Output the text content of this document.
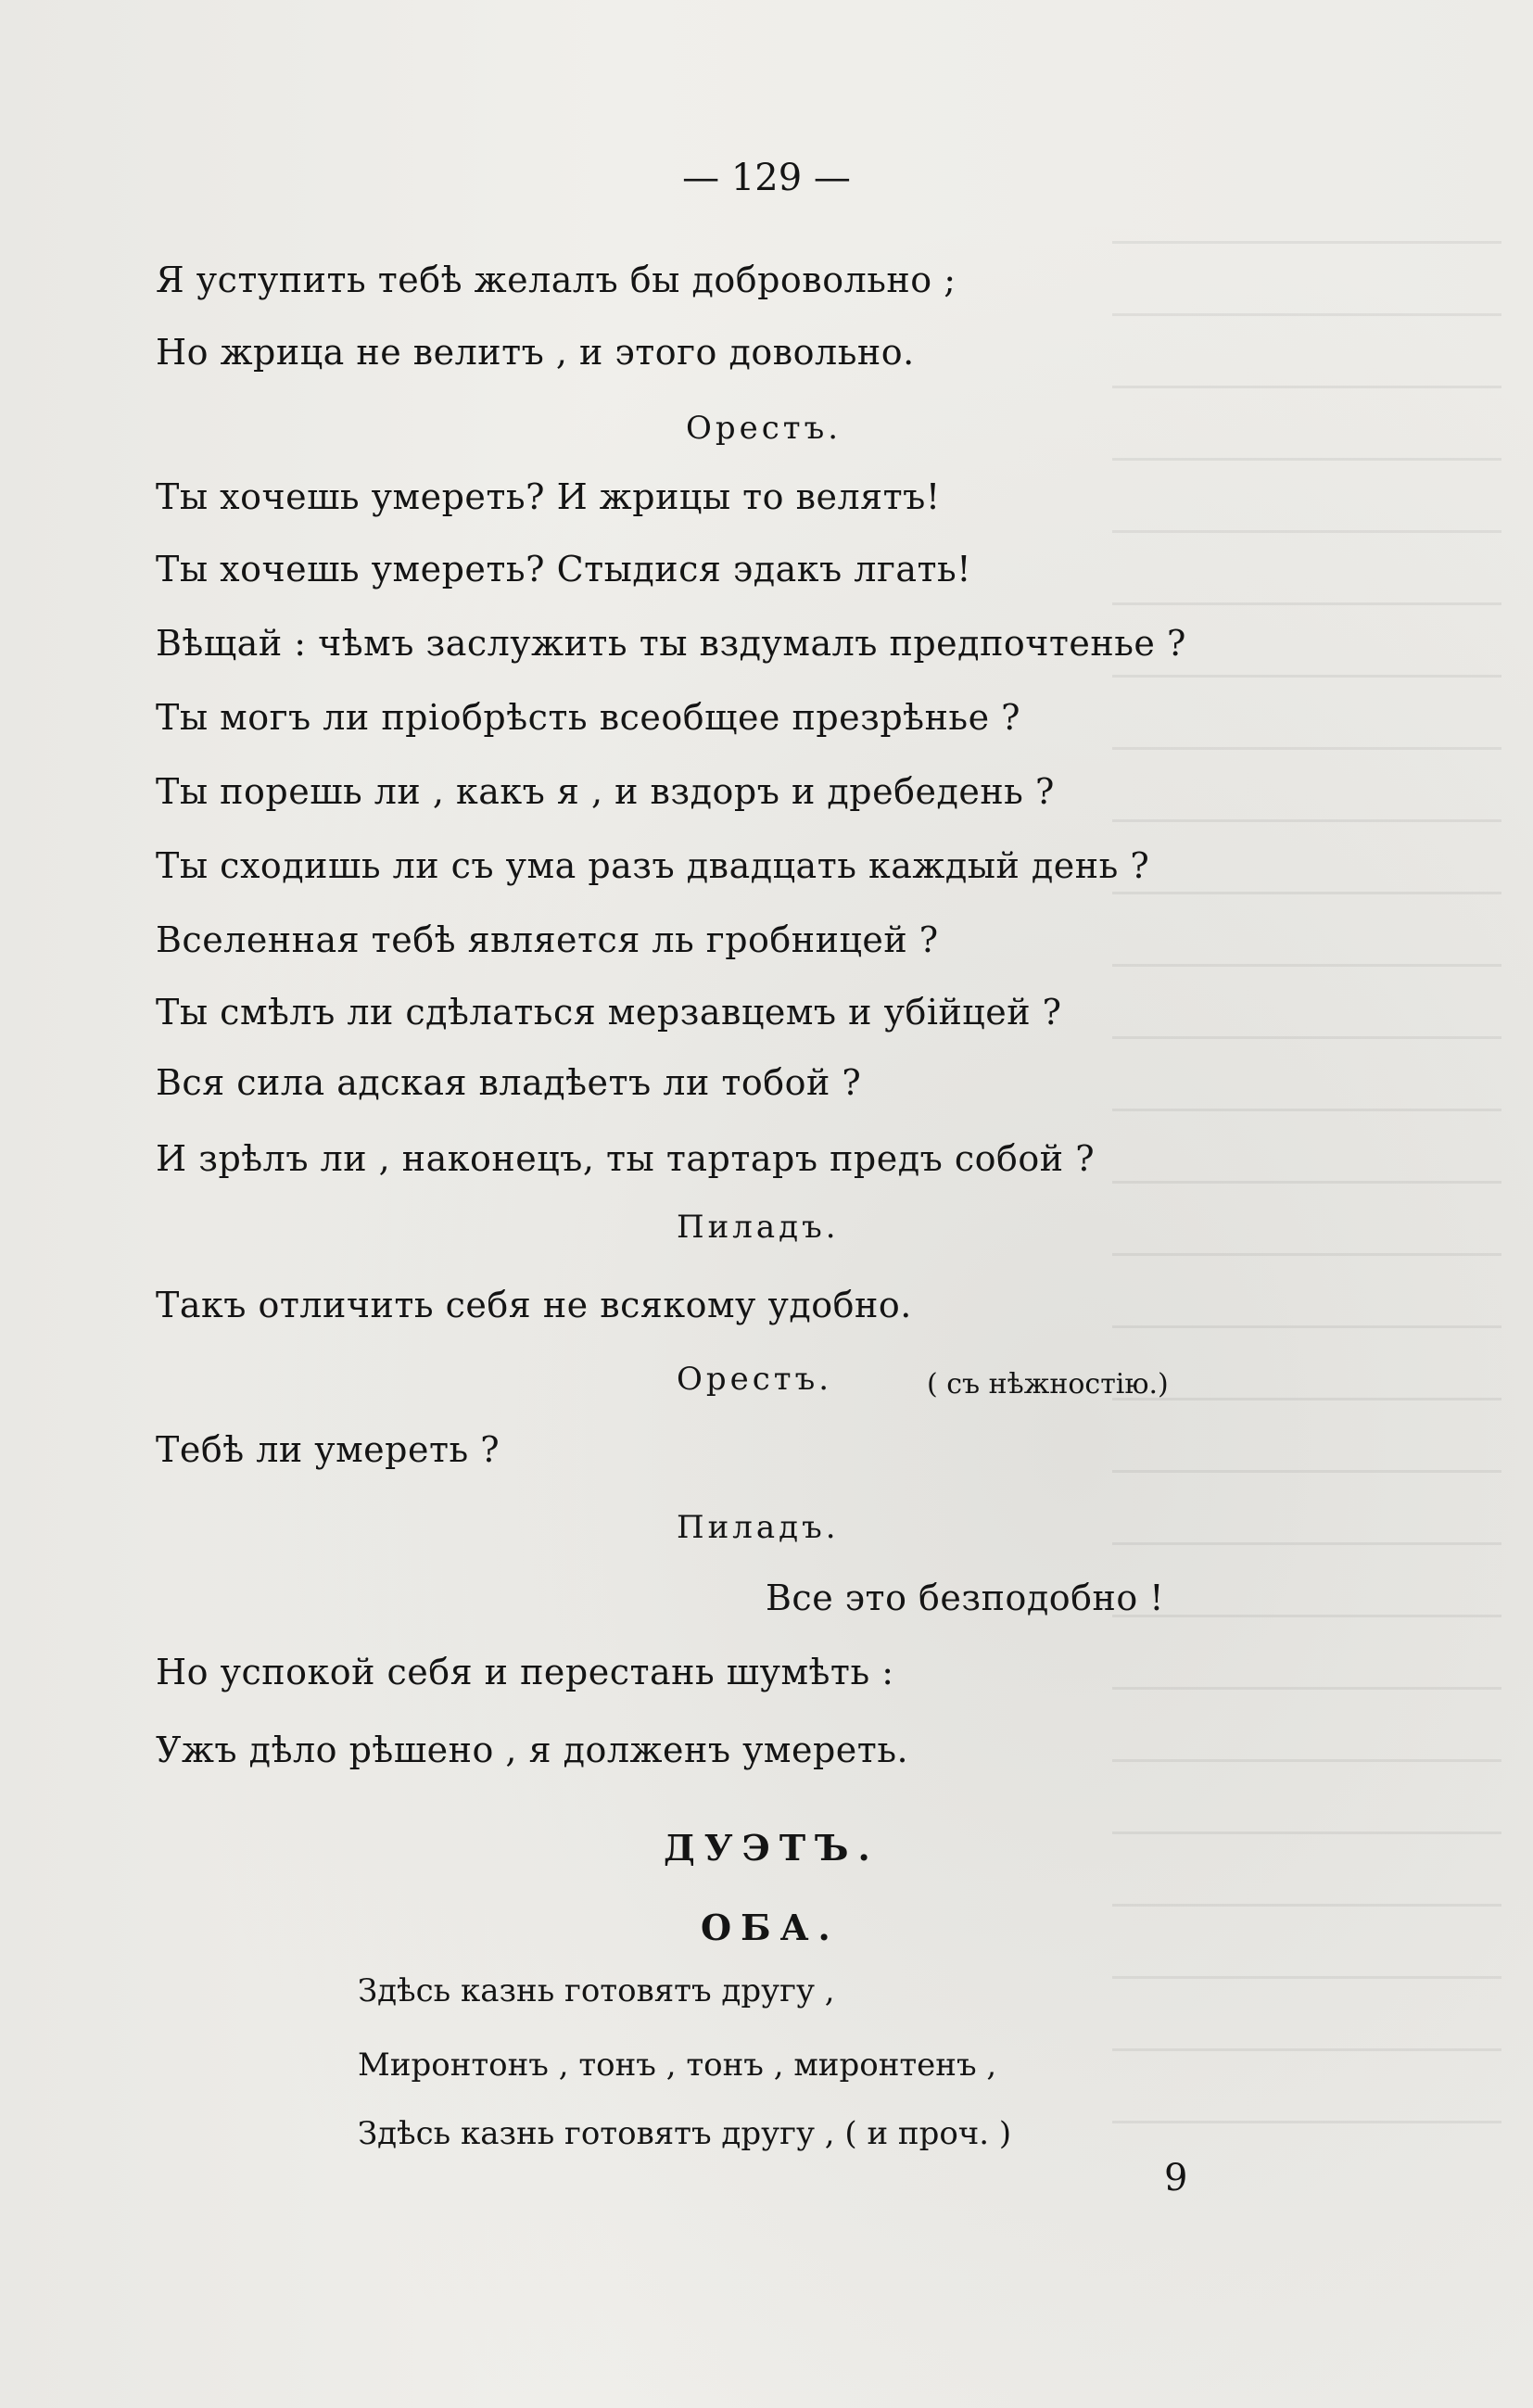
— 129 —
Я уступить тебѣ желалъ бы добровольно ;
Но жрица не велитъ , и этого довольно.
Орестъ.
Ты хочешь умереть? И жрицы то велятъ!
Ты хочешь умереть? Стыдися эдакъ лгать!
Вѣщай : чѣмъ заслужить ты вздумалъ предпочтенье ?
Ты могъ ли пріобрѣсть всеобщее презрѣнье ?
Ты порешь ли , какъ я , и вздоръ и дребедень ?
Ты сходишь ли съ ума разъ двадцать каждый день ?
Вселенная тебѣ является ль гробницей ?
Ты смѣлъ ли сдѣлаться мерзавцемъ и убійцей ?
Вся сила адская владѣетъ ли тобой ?
И зрѣлъ ли , наконецъ, ты тартаръ предъ собой ?
Пиладъ.
Такъ отличить себя не всякому удобно.
Орестъ.	( съ нѣжностію.)
Тебѣ ли умереть ?
Пиладъ.
Все это безподобно !
Но успокой себя и перестань шумѣть :
Ужъ дѣло рѣшено , я долженъ умереть.
ДУЭТЪ.
ОБА.
Здѣсь казнь готовятъ другу ,
Миронтонъ , тонъ , тонъ , миронтенъ ,
Здѣсь казнь готовятъ другу , ( и проч. )
9
